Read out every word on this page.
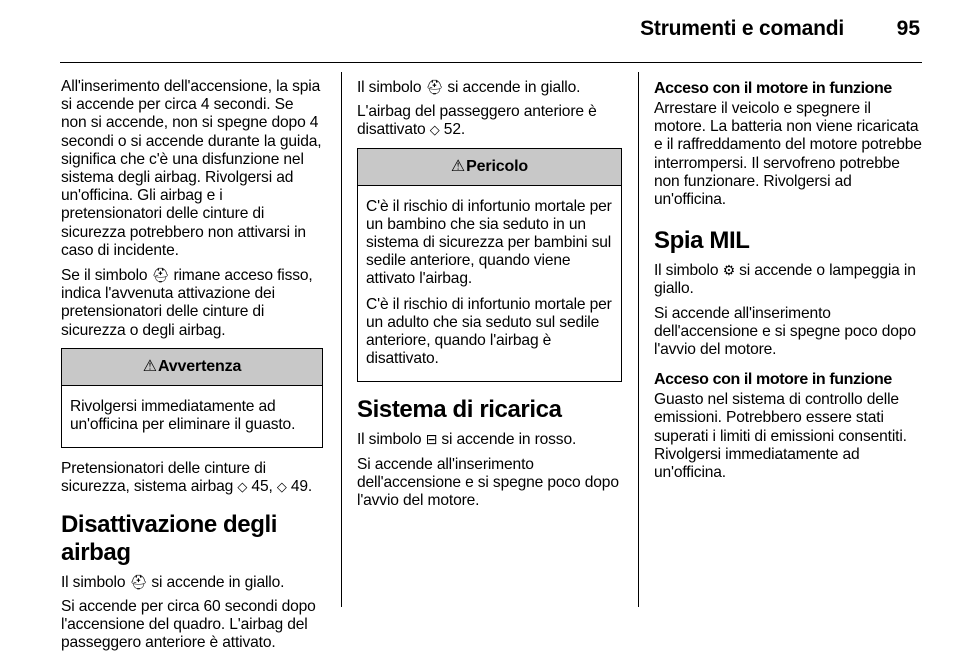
Strumenti e comandi	95

All'inserimento dell'accensione, la spia si accende per circa 4 secondi. Se non si accende, non si spegne dopo 4 secondi o si accende durante la guida, significa che c'è una disfunzione nel sistema degli airbag. Rivolgersi ad un'officina. Gli airbag e i pretensionatori delle cinture di sicurezza potrebbero non attivarsi in caso di incidente.

Se il simbolo ⛑ rimane acceso fisso, indica l'avvenuta attivazione dei pretensionatori delle cinture di sicurezza o degli airbag.

⚠ Avvertenza

Rivolgersi immediatamente ad un'officina per eliminare il guasto.

Pretensionatori delle cinture di sicurezza, sistema airbag ◇ 45, ◇ 49.

Disattivazione degli airbag

Il simbolo ⛑ si accende in giallo.

Si accende per circa 60 secondi dopo l'accensione del quadro. L'airbag del passeggero anteriore è attivato.

Il simbolo ⛑ si accende in giallo.

L'airbag del passeggero anteriore è disattivato ◇ 52.

⚠ Pericolo

C'è il rischio di infortunio mortale per un bambino che sia seduto in un sistema di sicurezza per bambini sul sedile anteriore, quando viene attivato l'airbag.

C'è il rischio di infortunio mortale per un adulto che sia seduto sul sedile anteriore, quando l'airbag è disattivato.

Sistema di ricarica

Il simbolo ⊟ si accende in rosso.

Si accende all'inserimento dell'accensione e si spegne poco dopo l'avvio del motore.

Acceso con il motore in funzione

Arrestare il veicolo e spegnere il motore. La batteria non viene ricaricata e il raffreddamento del motore potrebbe interrompersi. Il servofreno potrebbe non funzionare. Rivolgersi ad un'officina.

Spia MIL

Il simbolo ⚙ si accende o lampeggia in giallo.

Si accende all'inserimento dell'accensione e si spegne poco dopo l'avvio del motore.

Acceso con il motore in funzione

Guasto nel sistema di controllo delle emissioni. Potrebbero essere stati superati i limiti di emissioni consentiti. Rivolgersi immediatamente ad un'officina.
